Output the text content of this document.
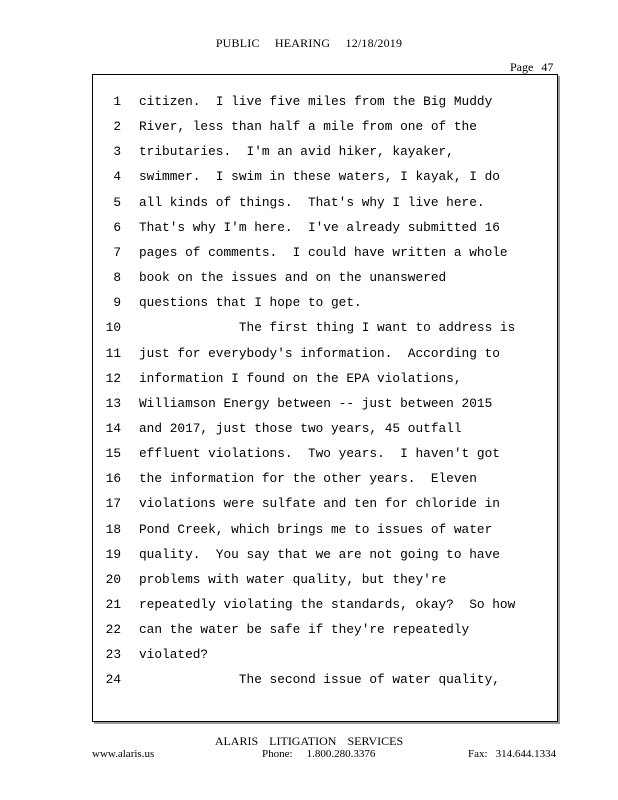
PUBLIC HEARING 12/18/2019
Page 47
1 citizen.  I live five miles from the Big Muddy
2 River, less than half a mile from one of the
3 tributaries.  I'm an avid hiker, kayaker,
4 swimmer.  I swim in these waters, I kayak, I do
5 all kinds of things.  That's why I live here.
6 That's why I'm here.  I've already submitted 16
7 pages of comments.  I could have written a whole
8 book on the issues and on the unanswered
9 questions that I hope to get.
10 The first thing I want to address is
11 just for everybody's information.  According to
12 information I found on the EPA violations,
13 Williamson Energy between -- just between 2015
14 and 2017, just those two years, 45 outfall
15 effluent violations.  Two years.  I haven't got
16 the information for the other years.  Eleven
17 violations were sulfate and ten for chloride in
18 Pond Creek, which brings me to issues of water
19 quality.  You say that we are not going to have
20 problems with water quality, but they're
21 repeatedly violating the standards, okay?  So how
22 can the water be safe if they're repeatedly
23 violated?
24 The second issue of water quality,
ALARIS LITIGATION SERVICES
www.alaris.us	Phone: 1.800.280.3376	Fax: 314.644.1334
